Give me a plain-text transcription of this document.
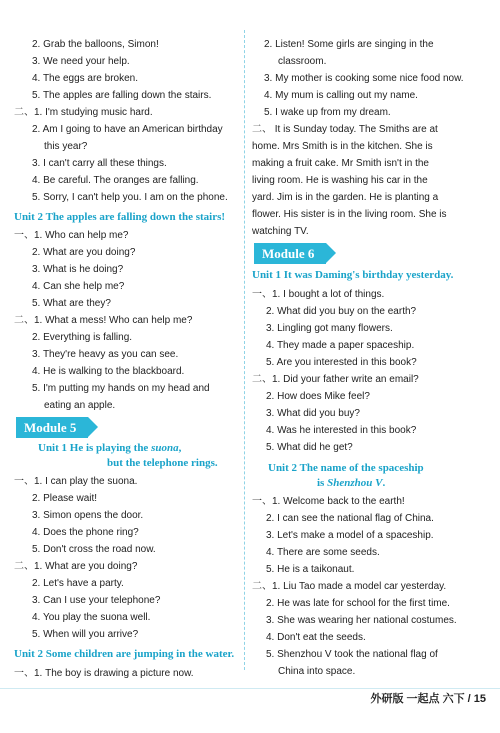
2. Grab the balloons, Simon!
3. We need your help.
4. The eggs are broken.
5. The apples are falling down the stairs.
二、1. I'm studying music hard.
2. Am I going to have an American birthday
this year?
3. I can't carry all these things.
4. Be careful. The oranges are falling.
5. Sorry, I can't help you. I am on the phone.
Unit 2 The apples are falling down the stairs!
一、1. Who can help me?
2. What are you doing?
3. What is he doing?
4. Can she help me?
5. What are they?
二、1. What a mess! Who can help me?
2. Everything is falling.
3. They're heavy as you can see.
4. He is walking to the blackboard.
5. I'm putting my hands on my head and
eating an apple.
Module 5
Unit 1 He is playing the suona,
but the telephone rings.
一、1. I can play the suona.
2. Please wait!
3. Simon opens the door.
4. Does the phone ring?
5. Don't cross the road now.
二、1. What are you doing?
2. Let's have a party.
3. Can I use your telephone?
4. You play the suona well.
5. When will you arrive?
Unit 2 Some children are jumping in the water.
一、1. The boy is drawing a picture now.
2. Listen! Some girls are singing in the
classroom.
3. My mother is cooking some nice food now.
4. My mum is calling out my name.
5. I wake up from my dream.
二、 It is Sunday today. The Smiths are at
home. Mrs Smith is in the kitchen. She is
making a fruit cake. Mr Smith isn't in the
living room. He is washing his car in the
yard. Jim is in the garden. He is planting a
flower. His sister is in the living room. She is
watching TV.
Module 6
Unit 1 It was Daming's birthday yesterday.
一、1. I bought a lot of things.
2. What did you buy on the earth?
3. Lingling got many flowers.
4. They made a paper spaceship.
5. Are you interested in this book?
二、1. Did your father write an email?
2. How does Mike feel?
3. What did you buy?
4. Was he interested in this book?
5. What did he get?
Unit 2 The name of the spaceship
is Shenzhou V.
一、1. Welcome back to the earth!
2. I can see the national flag of China.
3. Let's make a model of a spaceship.
4. There are some seeds.
5. He is a taikonaut.
二、1. Liu Tao made a model car yesterday.
2. He was late for school for the first time.
3. She was wearing her national costumes.
4. Don't eat the seeds.
5. Shenzhou V took the national flag of
China into space.
外研版 一起点 六下 / 15
